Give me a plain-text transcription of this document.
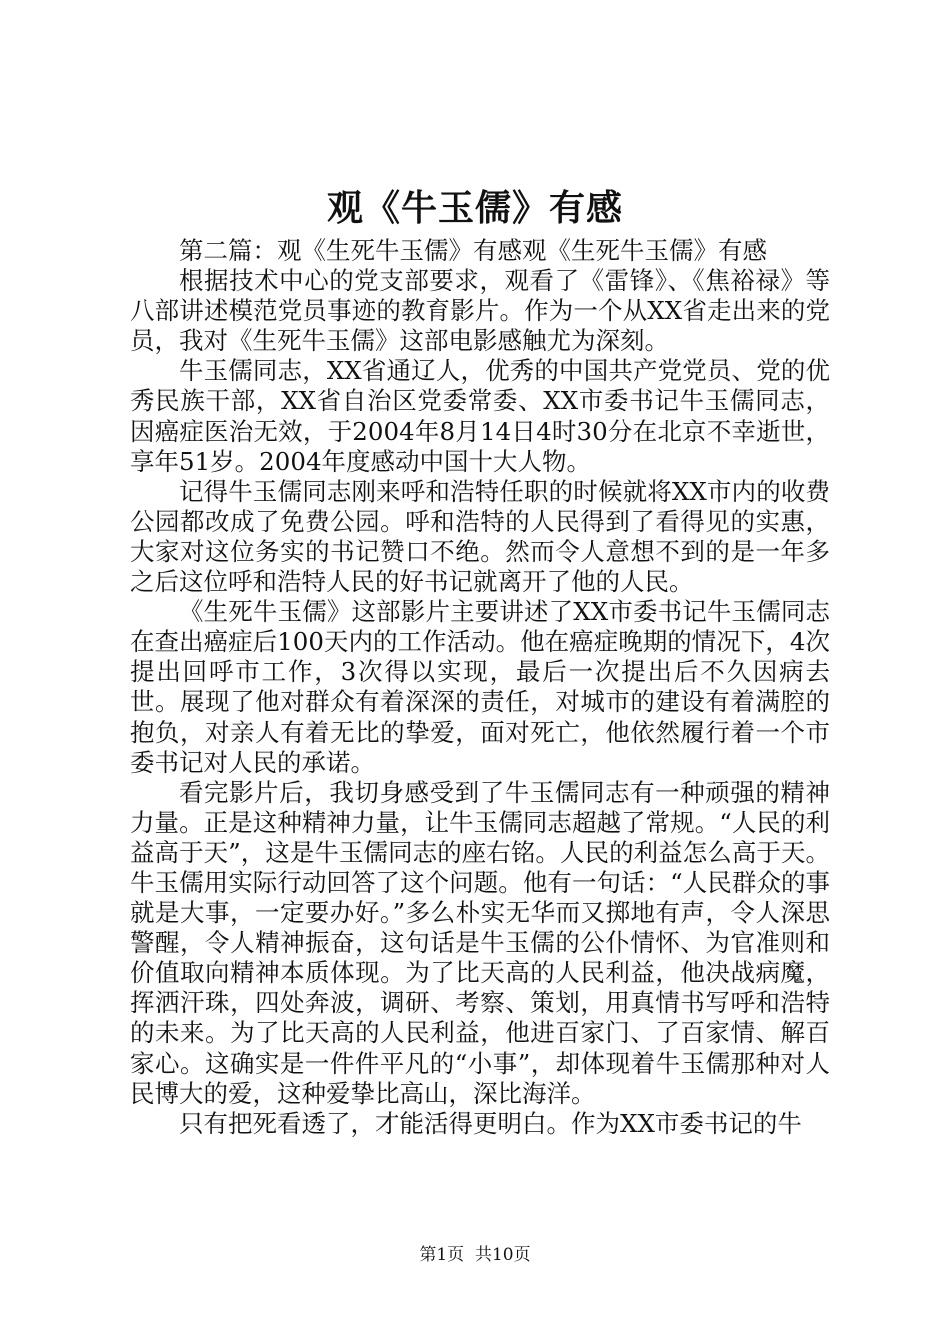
观《牛玉儒》有感

第二篇：观《生死牛玉儒》有感观《生死牛玉儒》有感

根据技术中心的党支部要求，观看了《雷锋》、《焦裕禄》等八部讲述模范党员事迹的教育影片。作为一个从XX省走出来的党员，我对《生死牛玉儒》这部电影感触尤为深刻。

牛玉儒同志，XX省通辽人，优秀的中国共产党党员、党的优秀民族干部，XX省自治区党委常委、XX市委书记牛玉儒同志，因癌症医治无效，于2004年8月14日4时30分在北京不幸逝世，享年51岁。2004年度感动中国十大人物。

记得牛玉儒同志刚来呼和浩特任职的时候就将XX市内的收费公园都改成了免费公园。呼和浩特的人民得到了看得见的实惠，大家对这位务实的书记赞口不绝。然而令人意想不到的是一年多之后这位呼和浩特人民的好书记就离开了他的人民。

《生死牛玉儒》这部影片主要讲述了XX市委书记牛玉儒同志在查出癌症后100天内的工作活动。他在癌症晚期的情况下，4次提出回呼市工作，3次得以实现，最后一次提出后不久因病去世。展现了他对群众有着深深的责任，对城市的建设有着满腔的抱负，对亲人有着无比的挚爱，面对死亡，他依然履行着一个市委书记对人民的承诺。

看完影片后，我切身感受到了牛玉儒同志有一种顽强的精神力量。正是这种精神力量，让牛玉儒同志超越了常规。“人民的利益高于天”，这是牛玉儒同志的座右铭。人民的利益怎么高于天。牛玉儒用实际行动回答了这个问题。他有一句话：“人民群众的事就是大事，一定要办好。”多么朴实无华而又掷地有声，令人深思警醒，令人精神振奋，这句话是牛玉儒的公仆情怀、为官准则和价值取向精神本质体现。为了比天高的人民利益，他决战病魔，挥洒汗珠，四处奔波，调研、考察、策划，用真情书写呼和浩特的未来。为了比天高的人民利益，他进百家门、了百家情、解百家心。这确实是一件件平凡的“小事”，却体现着牛玉儒那种对人民博大的爱，这种爱挚比高山，深比海洋。

只有把死看透了，才能活得更明白。作为XX市委书记的牛

第1页  共10页
